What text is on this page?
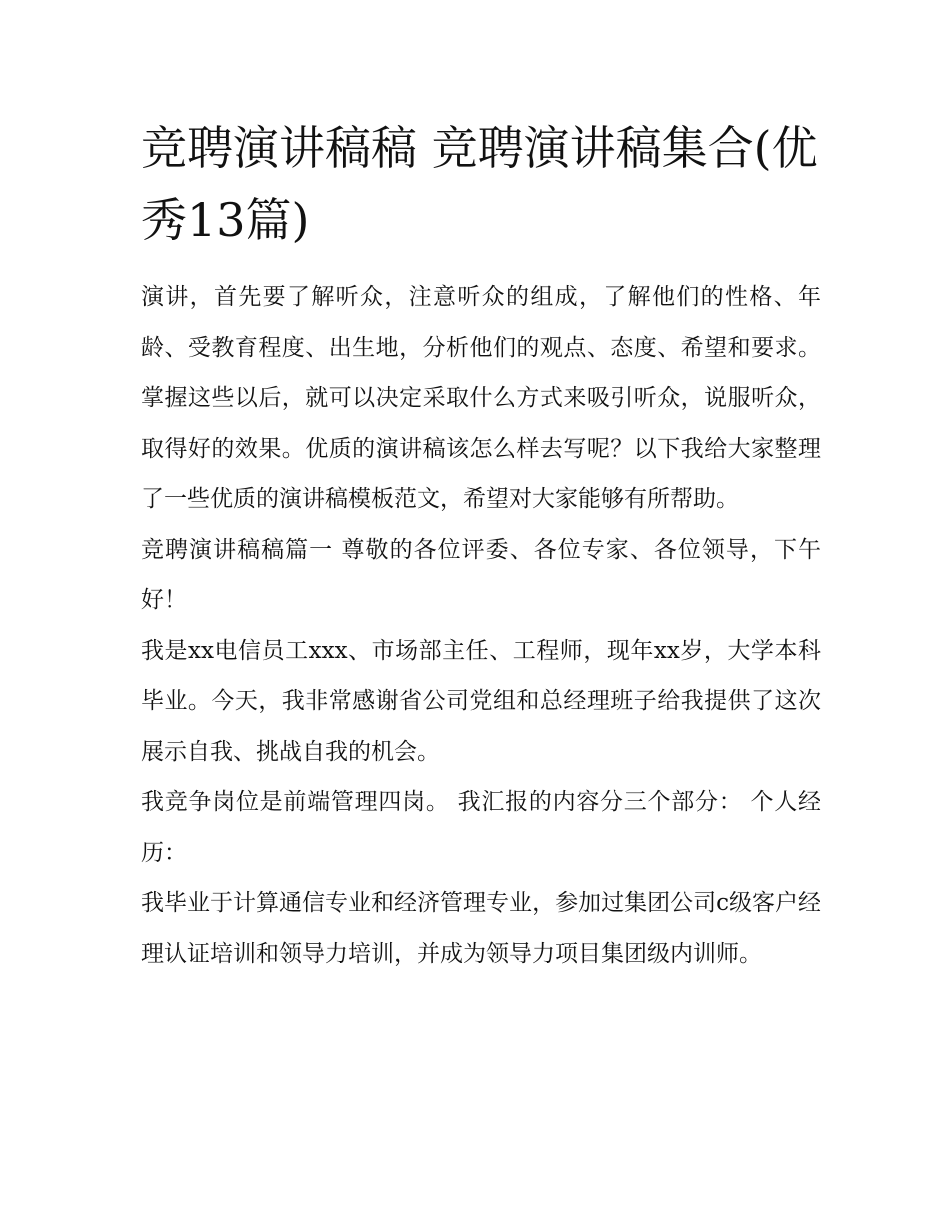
竞聘演讲稿稿 竞聘演讲稿集合(优秀13篇)

演讲，首先要了解听众，注意听众的组成，了解他们的性格、年龄、受教育程度、出生地，分析他们的观点、态度、希望和要求。掌握这些以后，就可以决定采取什么方式来吸引听众，说服听众，取得好的效果。优质的演讲稿该怎么样去写呢？以下我给大家整理了一些优质的演讲稿模板范文，希望对大家能够有所帮助。

竞聘演讲稿稿篇一 尊敬的各位评委、各位专家、各位领导，下午好！

我是xx电信员工xxx、市场部主任、工程师，现年xx岁，大学本科毕业。今天，我非常感谢省公司党组和总经理班子给我提供了这次展示自我、挑战自我的机会。

我竞争岗位是前端管理四岗。 我汇报的内容分三个部分： 个人经历：

我毕业于计算通信专业和经济管理专业，参加过集团公司c级客户经理认证培训和领导力培训，并成为领导力项目集团级内训师。
